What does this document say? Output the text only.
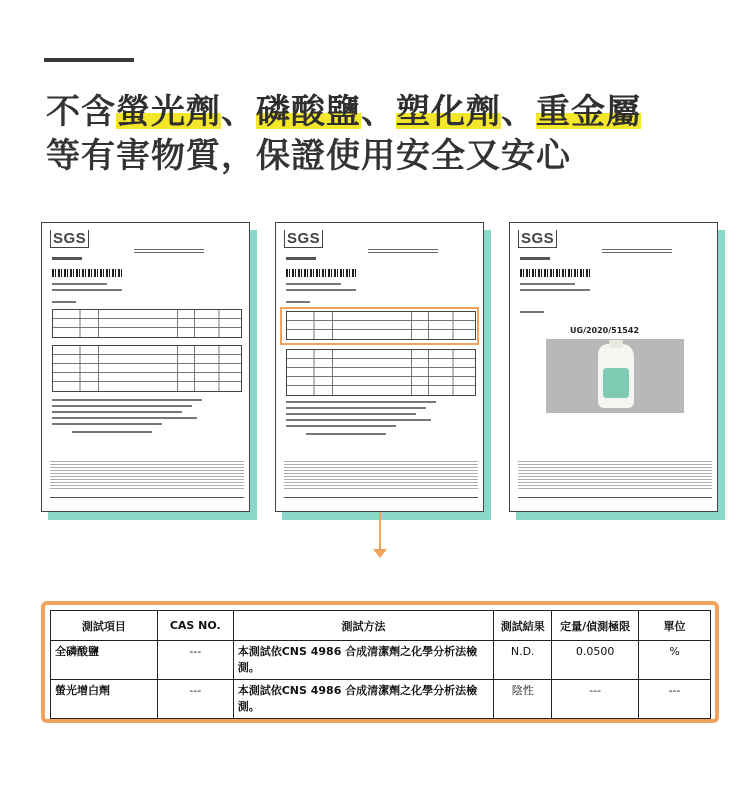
不含螢光劑、磷酸鹽、塑化劑、重金屬
等有害物質，保證使用安全又安心
SGS	SGS	SGS
UG/2020/51542
測試項目	CAS NO.	測試方法	測試結果	定量/偵測極限	單位
全磷酸鹽	---	本測試依CNS 4986 合成清潔劑之化學分析法檢測。	N.D.	0.0500	%
螢光增白劑	---	本測試依CNS 4986 合成清潔劑之化學分析法檢測。	陰性	---	---
